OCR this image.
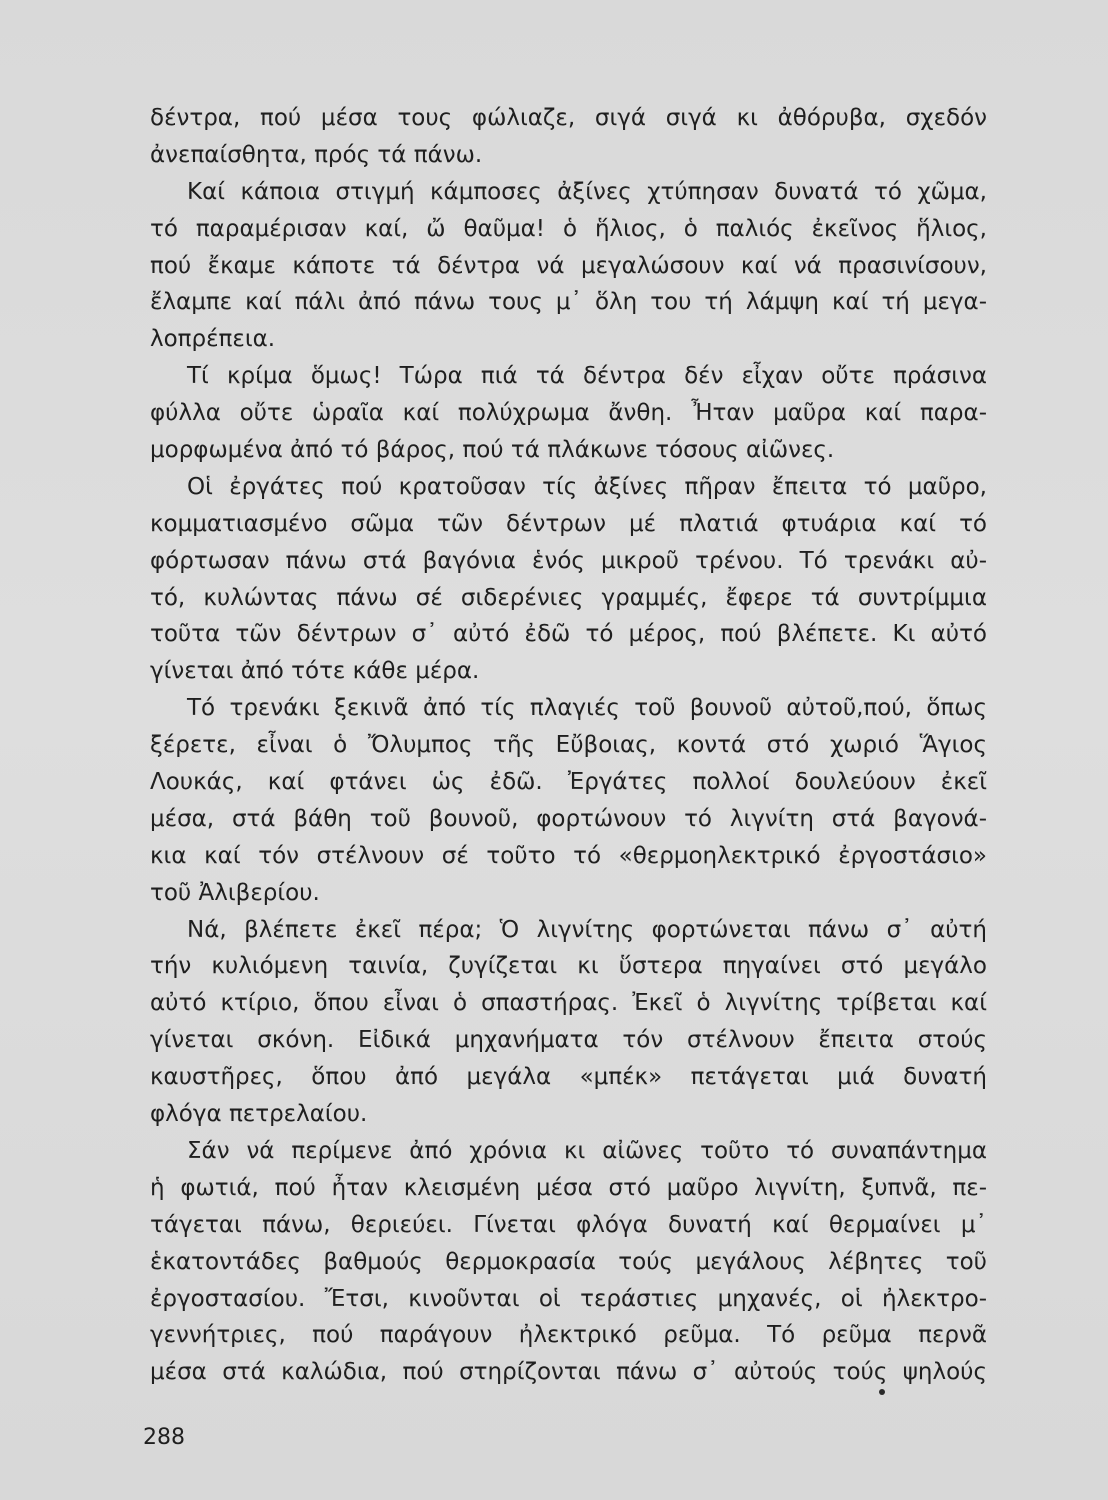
δέντρα, πού μέσα τους φώλιαζε, σιγά σιγά κι ἀθόρυβα, σχεδόν
ἀνεπαίσθητα, πρός τά πάνω.

Καί κάποια στιγμή κάμποσες ἀξίνες χτύπησαν δυνατά τό χῶμα,
τό παραμέρισαν καί, ὤ θαῦμα! ὁ ἥλιος, ὁ παλιός ἐκεῖνος ἥλιος,
πού ἔκαμε κάποτε τά δέντρα νά μεγαλώσουν καί νά πρασινίσουν,
ἔλαμπε καί πάλι ἀπό πάνω τους μ᾿ ὅλη του τή λάμψη καί τή μεγα-
λοπρέπεια.

Τί κρίμα ὅμως! Τώρα πιά τά δέντρα δέν εἶχαν οὔτε πράσινα
φύλλα οὔτε ὡραῖα καί πολύχρωμα ἄνθη. Ἦταν μαῦρα καί παρα-
μορφωμένα ἀπό τό βάρος, πού τά πλάκωνε τόσους αἰῶνες.

Οἱ ἐργάτες πού κρατοῦσαν τίς ἀξίνες πῆραν ἔπειτα τό μαῦρο,
κομματιασμένο σῶμα τῶν δέντρων μέ πλατιά φτυάρια καί τό
φόρτωσαν πάνω στά βαγόνια ἑνός μικροῦ τρένου. Τό τρενάκι αὐ-
τό, κυλώντας πάνω σέ σιδερένιες γραμμές, ἔφερε τά συντρίμμια
τοῦτα τῶν δέντρων σ᾿ αὐτό ἐδῶ τό μέρος, πού βλέπετε. Κι αὐτό
γίνεται ἀπό τότε κάθε μέρα.

Τό τρενάκι ξεκινᾶ ἀπό τίς πλαγιές τοῦ βουνοῦ αὐτοῦ,πού, ὅπως
ξέρετε, εἶναι ὁ Ὄλυμπος τῆς Εὔβοιας, κοντά στό χωριό Ἅγιος
Λουκάς, καί φτάνει ὡς ἐδῶ. Ἐργάτες πολλοί δουλεύουν ἐκεῖ
μέσα, στά βάθη τοῦ βουνοῦ, φορτώνουν τό λιγνίτη στά βαγονά-
κια καί τόν στέλνουν σέ τοῦτο τό «θερμοηλεκτρικό ἐργοστάσιο»
τοῦ Ἀλιβερίου.

Νά, βλέπετε ἐκεῖ πέρα; Ὁ λιγνίτης φορτώνεται πάνω σ᾿ αὐτή
τήν κυλιόμενη ταινία, ζυγίζεται κι ὕστερα πηγαίνει στό μεγάλο
αὐτό κτίριο, ὅπου εἶναι ὁ σπαστήρας. Ἐκεῖ ὁ λιγνίτης τρίβεται καί
γίνεται σκόνη. Εἰδικά μηχανήματα τόν στέλνουν ἔπειτα στούς
καυστῆρες, ὅπου ἀπό μεγάλα «μπέκ» πετάγεται μιά δυνατή
φλόγα πετρελαίου.

Σάν νά περίμενε ἀπό χρόνια κι αἰῶνες τοῦτο τό συναπάντημα
ἡ φωτιά, πού ἦταν κλεισμένη μέσα στό μαῦρο λιγνίτη, ξυπνᾶ, πε-
τάγεται πάνω, θεριεύει. Γίνεται φλόγα δυνατή καί θερμαίνει μ᾿
ἑκατοντάδες βαθμούς θερμοκρασία τούς μεγάλους λέβητες τοῦ
ἐργοστασίου. Ἔτσι, κινοῦνται οἱ τεράστιες μηχανές, οἱ ἠλεκτρο-
γεννήτριες, πού παράγουν ἠλεκτρικό ρεῦμα. Τό ρεῦμα περνᾶ
μέσα στά καλώδια, πού στηρίζονται πάνω σ᾿ αὐτούς τούς ψηλούς

288
